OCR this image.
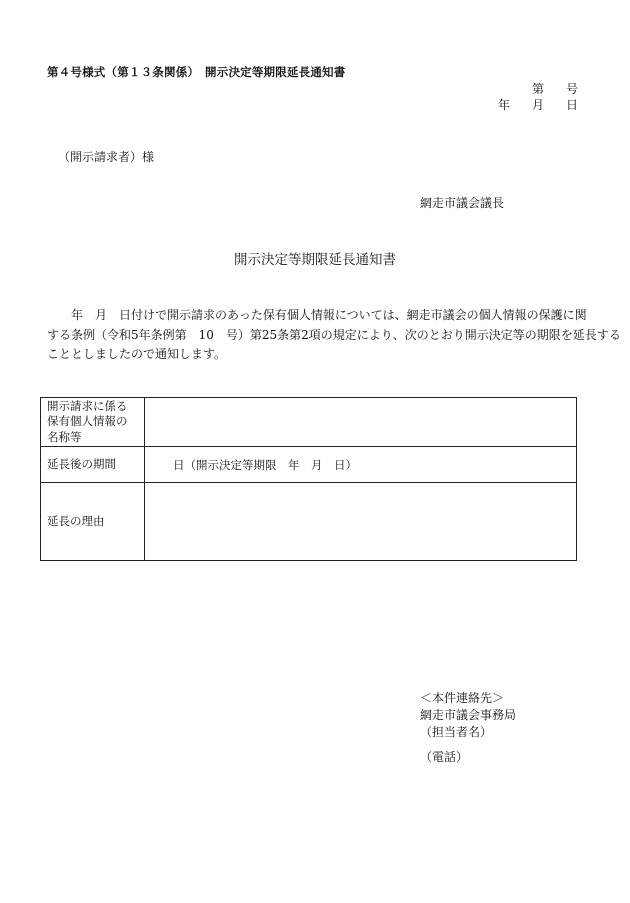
第４号様式（第１３条関係）　開示決定等期限延長通知書
第 号
年 月 日
（開示請求者）様
網走市議会議長
開示決定等期限延長通知書
　　年　月　日付けで開示請求のあった保有個人情報については、網走市議会の個人情報の保護に関
する条例（令和5年条例第　10　号）第25条第2項の規定により、次のとおり開示決定等の期限を延長する
こととしましたので通知します。
開示請求に係る
保有個人情報の
名称等	

延長後の期間	日（開示決定等期限　年　月　日）

延長の理由	

＜本件連絡先＞
網走市議会事務局
（担当者名）
（電話）
